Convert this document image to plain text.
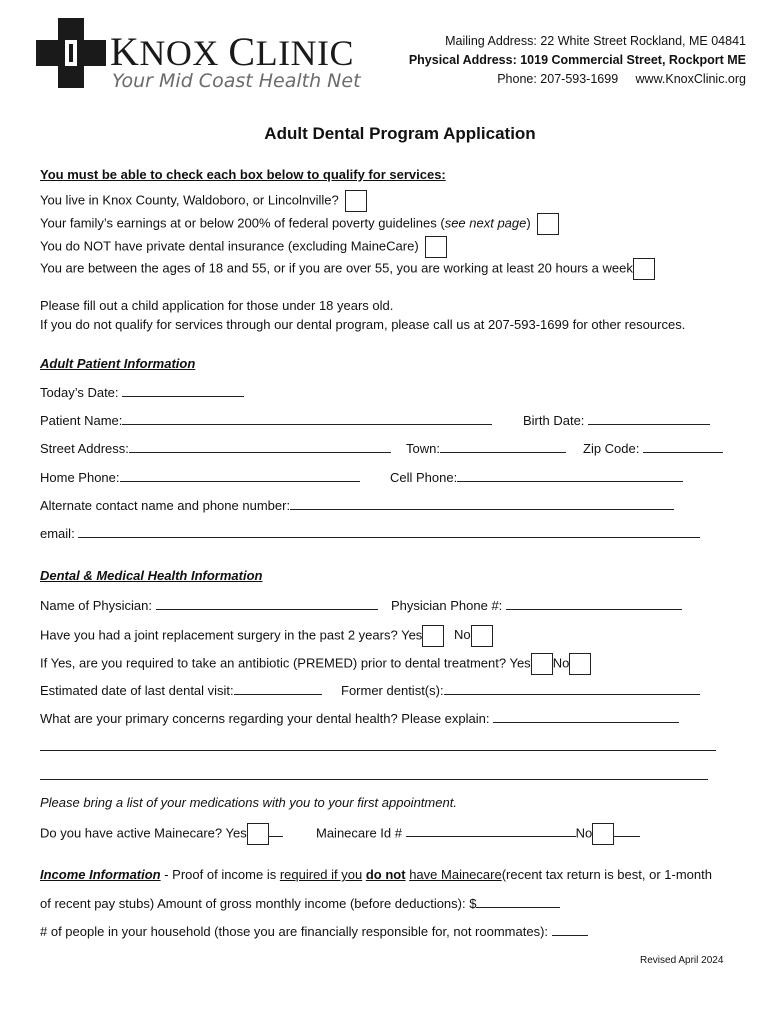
KNOX CLINIC
Your Mid Coast Health Net
Mailing Address: 22 White Street Rockland, ME 04841
Physical Address: 1019 Commercial Street, Rockport ME
Phone: 207-593-1699 www.KnoxClinic.org
Adult Dental Program Application
You must be able to check each box below to qualify for services:
You live in Knox County, Waldoboro, or Lincolnville?
Your family’s earnings at or below 200% of federal poverty guidelines (see next page)
You do NOT have private dental insurance (excluding MaineCare)
You are between the ages of 18 and 55, or if you are over 55, you are working at least 20 hours a week
Please fill out a child application for those under 18 years old.
If you do not qualify for services through our dental program, please call us at 207-593-1699 for other resources.
Adult Patient Information
Today’s Date:
Patient Name:	Birth Date:
Street Address:	Town:	Zip Code:
Home Phone:	Cell Phone:
Alternate contact name and phone number:
email:
Dental & Medical Health Information
Name of Physician:	Physician Phone #:
Have you had a joint replacement surgery in the past 2 years? Yes No
If Yes, are you required to take an antibiotic (PREMED) prior to dental treatment? Yes No
Estimated date of last dental visit:	Former dentist(s):
What are your primary concerns regarding your dental health? Please explain:
Please bring a list of your medications with you to your first appointment.
Do you have active Mainecare? Yes	Mainecare Id #	No
Income Information - Proof of income is required if you do not have Mainecare(recent tax return is best, or 1-month
of recent pay stubs) Amount of gross monthly income (before deductions): $
# of people in your household (those you are financially responsible for, not roommates):
Revised April 2024
